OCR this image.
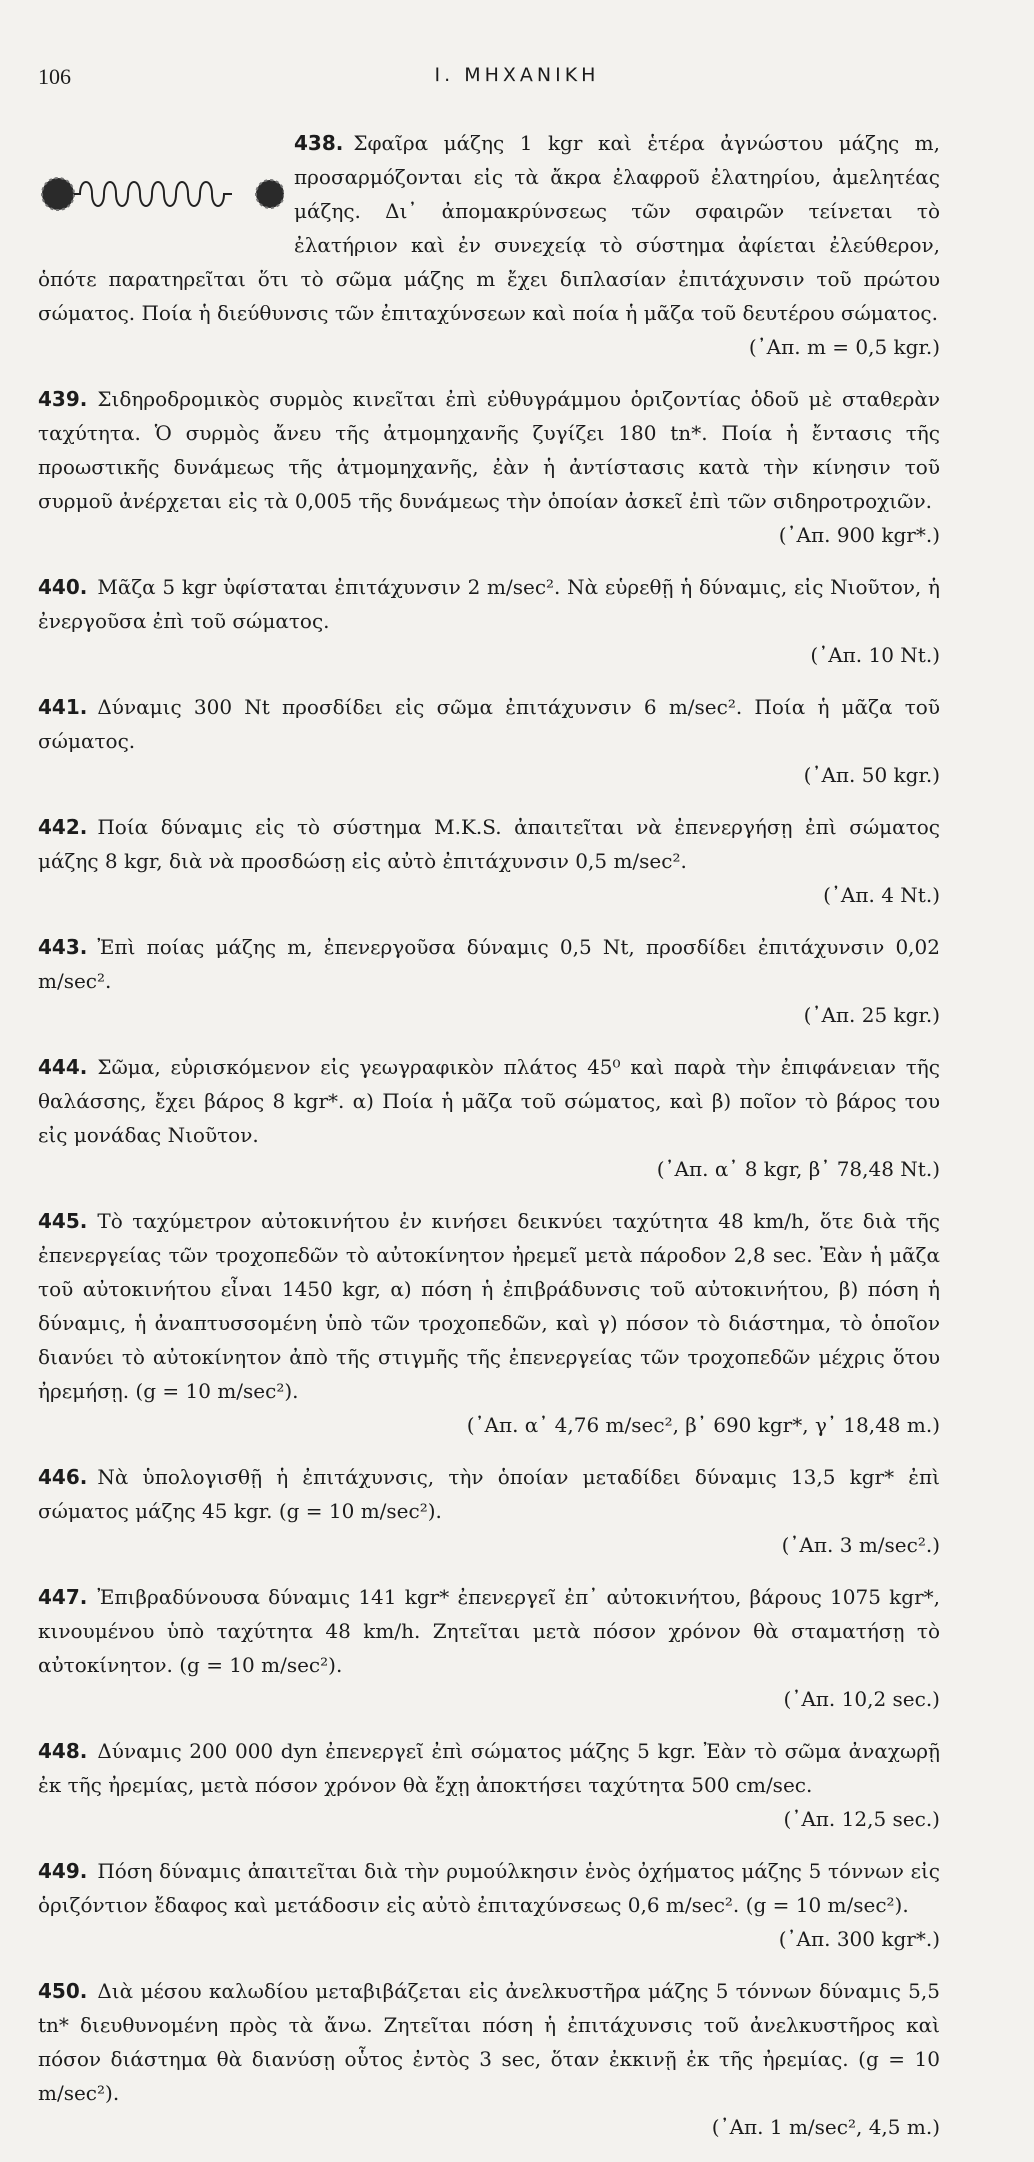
106	Ι. ΜΗΧΑΝΙΚΗ
438. Σφαῖρα μάζης 1 kgr καὶ ἑτέρα ἀγνώστου μάζης m, προσαρμόζονται εἰς τὰ ἄκρα ἐλαφροῦ ἐλατηρίου, ἀμελητέας μάζης. Δι᾽ ἀπομακρύνσεως τῶν σφαιρῶν τείνεται τὸ ἐλατήριον καὶ ἐν συνεχείᾳ τὸ σύστημα ἀφίεται ἐλεύθερον, ὁπότε παρατηρεῖται ὅτι τὸ σῶμα μάζης m ἔχει διπλασίαν ἐπιτάχυνσιν τοῦ πρώτου σώματος. Ποία ἡ διεύθυνσις τῶν ἐπιταχύνσεων καὶ ποία ἡ μᾶζα τοῦ δευτέρου σώματος.
(᾽Απ. m = 0,5 kgr.)
439. Σιδηροδρομικὸς συρμὸς κινεῖται ἐπὶ εὐθυγράμμου ὁριζοντίας ὁδοῦ μὲ σταθερὰν ταχύτητα. Ὁ συρμὸς ἄνευ τῆς ἀτμομηχανῆς ζυγίζει 180 tn*. Ποία ἡ ἔντασις τῆς προωστικῆς δυνάμεως τῆς ἀτμομηχανῆς, ἐὰν ἡ ἀντίστασις κατὰ τὴν κίνησιν τοῦ συρμοῦ ἀνέρχεται εἰς τὰ 0,005 τῆς δυνάμεως τὴν ὁποίαν ἀσκεῖ ἐπὶ τῶν σιδηροτροχιῶν.
(᾽Απ. 900 kgr*.)
440. Μᾶζα 5 kgr ὑφίσταται ἐπιτάχυνσιν 2 m/sec². Νὰ εὑρεθῇ ἡ δύναμις, εἰς Νιοῦτον, ἡ ἐνεργοῦσα ἐπὶ τοῦ σώματος.
(᾽Απ. 10 Nt.)
441. Δύναμις 300 Nt προσδίδει εἰς σῶμα ἐπιτάχυνσιν 6 m/sec². Ποία ἡ μᾶζα τοῦ σώματος.
(᾽Απ. 50 kgr.)
442. Ποία δύναμις εἰς τὸ σύστημα M.K.S. ἀπαιτεῖται νὰ ἐπενεργήσῃ ἐπὶ σώματος μάζης 8 kgr, διὰ νὰ προσδώσῃ εἰς αὐτὸ ἐπιτάχυνσιν 0,5 m/sec².
(᾽Απ. 4 Nt.)
443. Ἐπὶ ποίας μάζης m, ἐπενεργοῦσα δύναμις 0,5 Nt, προσδίδει ἐπιτάχυνσιν 0,02 m/sec².
(᾽Απ. 25 kgr.)
444. Σῶμα, εὑρισκόμενον εἰς γεωγραφικὸν πλάτος 45⁰ καὶ παρὰ τὴν ἐπιφάνειαν τῆς θαλάσσης, ἔχει βάρος 8 kgr*. α) Ποία ἡ μᾶζα τοῦ σώματος, καὶ β) ποῖον τὸ βάρος του εἰς μονάδας Νιοῦτον.
(᾽Απ. α᾽ 8 kgr, β᾽ 78,48 Nt.)
445. Τὸ ταχύμετρον αὐτοκινήτου ἐν κινήσει δεικνύει ταχύτητα 48 km/h, ὅτε διὰ τῆς ἐπενεργείας τῶν τροχοπεδῶν τὸ αὐτοκίνητον ἠρεμεῖ μετὰ πάροδον 2,8 sec. Ἐὰν ἡ μᾶζα τοῦ αὐτοκινήτου εἶναι 1450 kgr, α) πόση ἡ ἐπιβράδυνσις τοῦ αὐτοκινήτου, β) πόση ἡ δύναμις, ἡ ἀναπτυσσομένη ὑπὸ τῶν τροχοπεδῶν, καὶ γ) πόσον τὸ διάστημα, τὸ ὁποῖον διανύει τὸ αὐτοκίνητον ἀπὸ τῆς στιγμῆς τῆς ἐπενεργείας τῶν τροχοπεδῶν μέχρις ὅτου ἠρεμήσῃ. (g = 10 m/sec²).
(᾽Απ. α᾽ 4,76 m/sec², β᾽ 690 kgr*, γ᾽ 18,48 m.)
446. Νὰ ὑπολογισθῇ ἡ ἐπιτάχυνσις, τὴν ὁποίαν μεταδίδει δύναμις 13,5 kgr* ἐπὶ σώματος μάζης 45 kgr. (g = 10 m/sec²).
(᾽Απ. 3 m/sec².)
447. Ἐπιβραδύνουσα δύναμις 141 kgr* ἐπενεργεῖ ἐπ᾽ αὐτοκινήτου, βάρους 1075 kgr*, κινουμένου ὑπὸ ταχύτητα 48 km/h. Ζητεῖται μετὰ πόσον χρόνον θὰ σταματήσῃ τὸ αὐτοκίνητον. (g = 10 m/sec²).
(᾽Απ. 10,2 sec.)
448. Δύναμις 200 000 dyn ἐπενεργεῖ ἐπὶ σώματος μάζης 5 kgr. Ἐὰν τὸ σῶμα ἀναχωρῇ ἐκ τῆς ἠρεμίας, μετὰ πόσον χρόνον θὰ ἔχῃ ἀποκτήσει ταχύτητα 500 cm/sec.
(᾽Απ. 12,5 sec.)
449. Πόση δύναμις ἀπαιτεῖται διὰ τὴν ρυμούλκησιν ἑνὸς ὀχήματος μάζης 5 τόννων εἰς ὁριζόντιον ἔδαφος καὶ μετάδοσιν εἰς αὐτὸ ἐπιταχύνσεως 0,6 m/sec². (g = 10 m/sec²).
(᾽Απ. 300 kgr*.)
450. Διὰ μέσου καλωδίου μεταβιβάζεται εἰς ἀνελκυστῆρα μάζης 5 τόννων δύναμις 5,5 tn* διευθυνομένη πρὸς τὰ ἄνω. Ζητεῖται πόση ἡ ἐπιτάχυνσις τοῦ ἀνελκυστῆρος καὶ πόσον διάστημα θὰ διανύσῃ οὗτος ἐντὸς 3 sec, ὅταν ἐκκινῇ ἐκ τῆς ἠρεμίας. (g = 10 m/sec²).
(᾽Απ. 1 m/sec², 4,5 m.)
